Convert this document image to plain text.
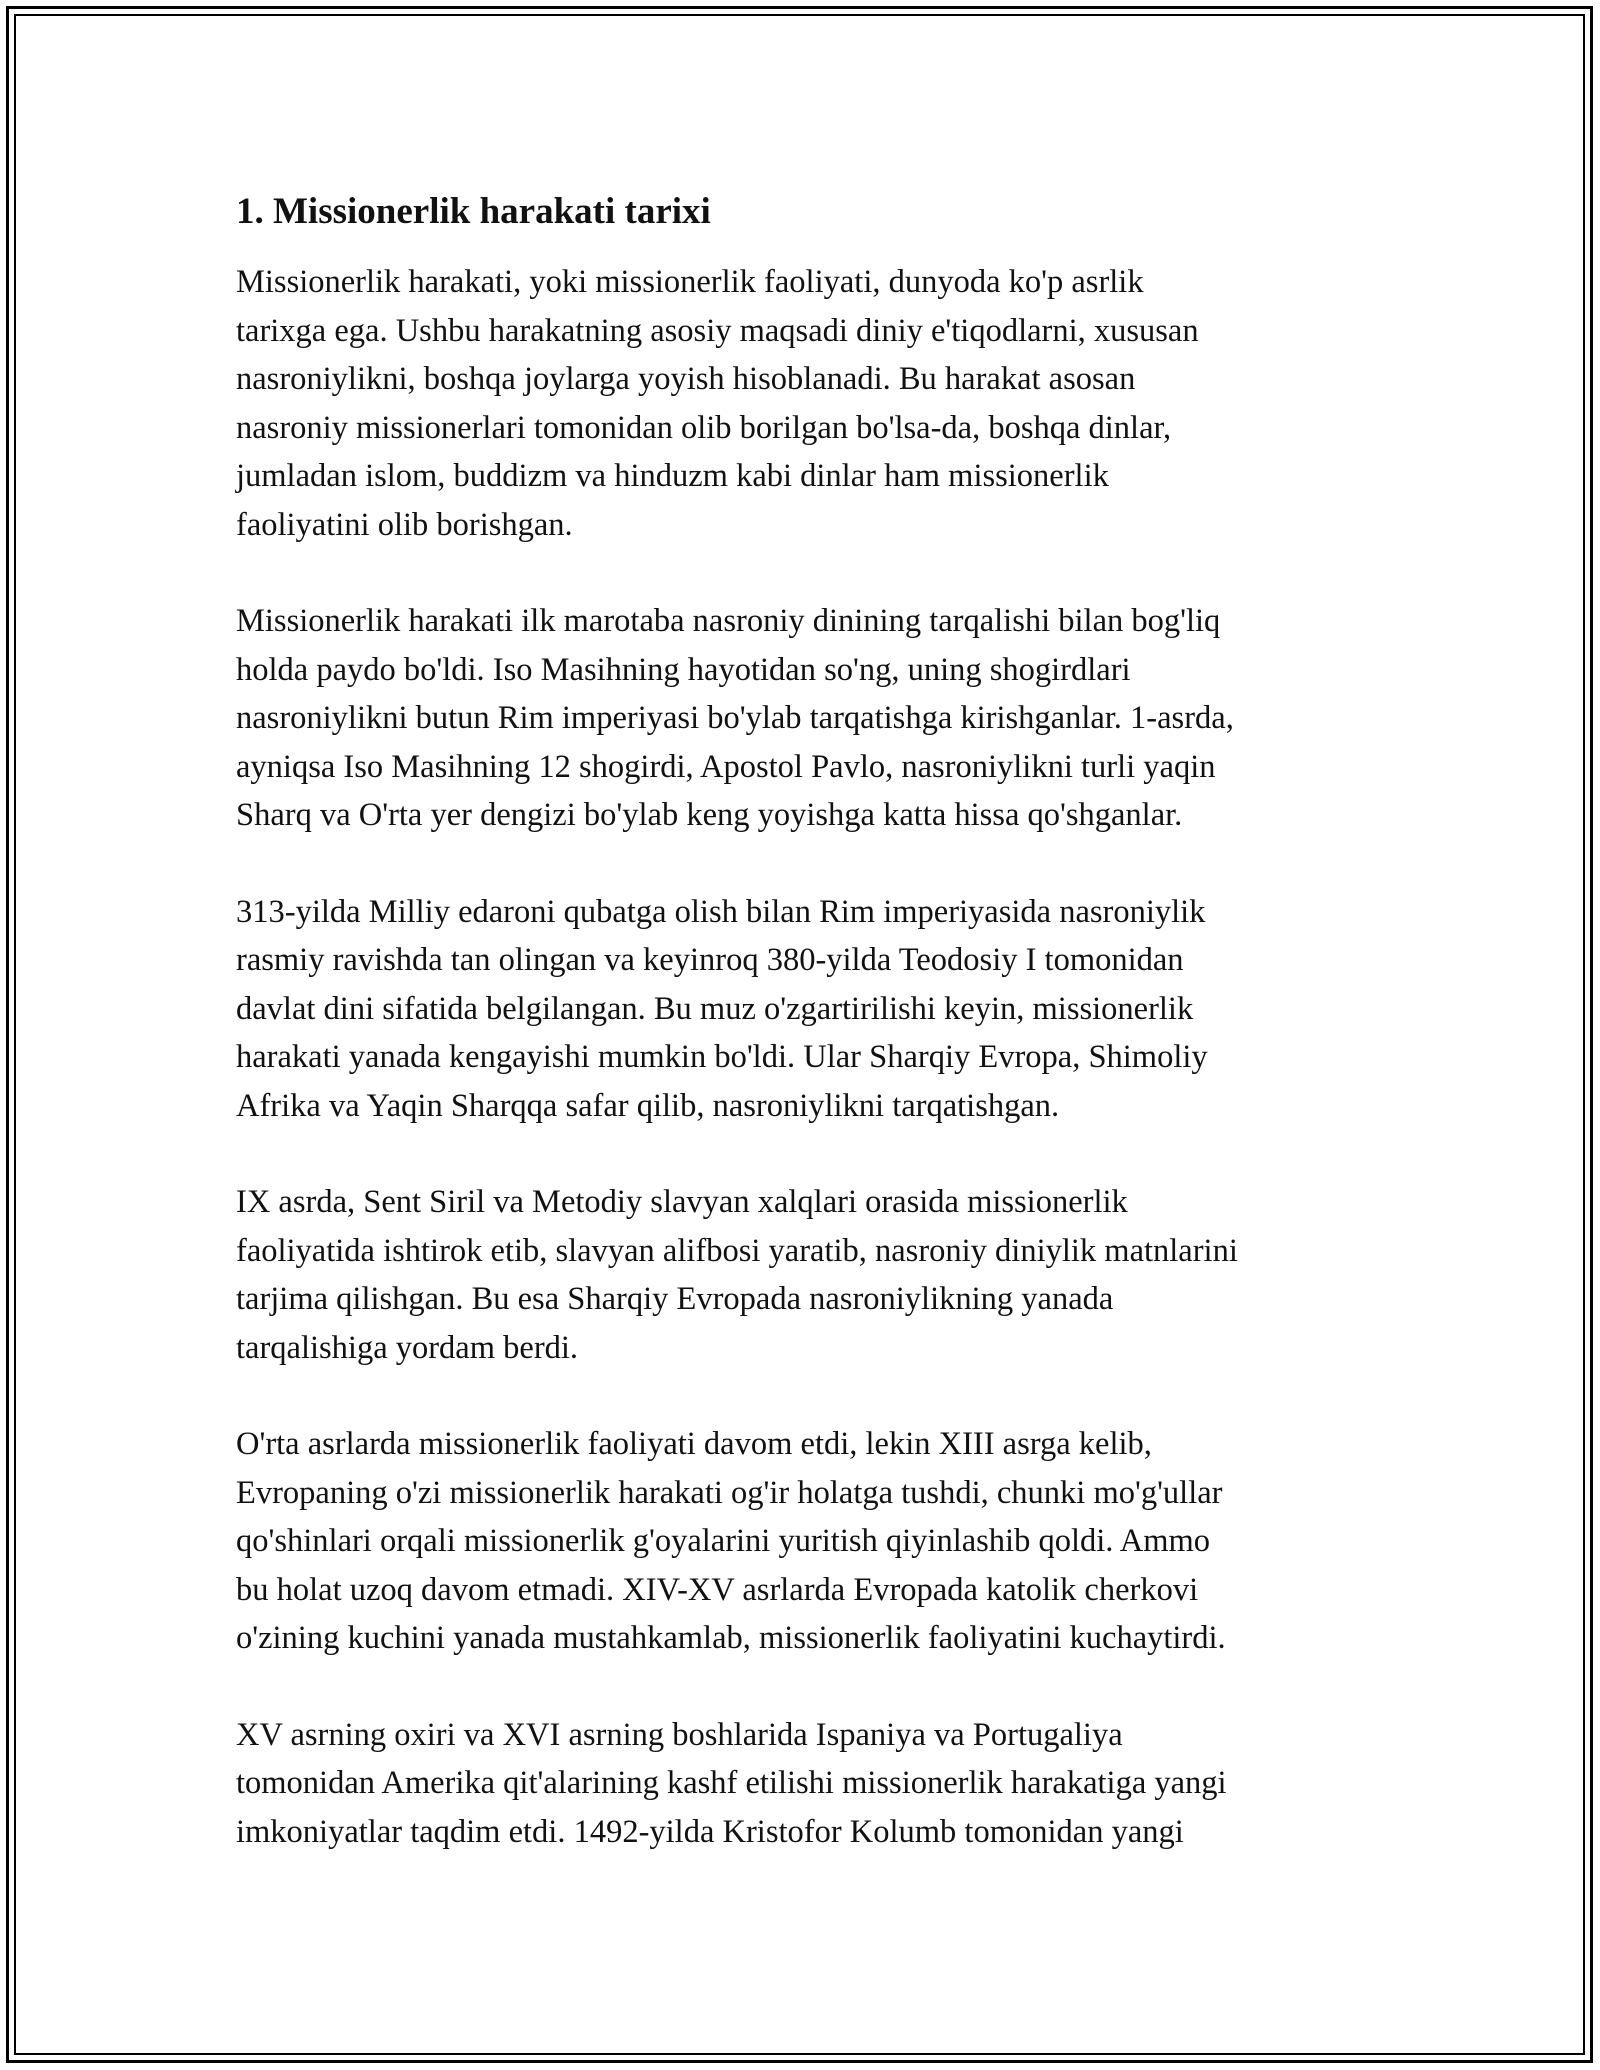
1. Missionerlik harakati tarixi

Missionerlik harakati, yoki missionerlik faoliyati, dunyoda ko'p asrlik
tarixga ega. Ushbu harakatning asosiy maqsadi diniy e'tiqodlarni, xususan
nasroniylikni, boshqa joylarga yoyish hisoblanadi. Bu harakat asosan
nasroniy missionerlari tomonidan olib borilgan bo'lsa-da, boshqa dinlar,
jumladan islom, buddizm va hinduzm kabi dinlar ham missionerlik
faoliyatini olib borishgan.

Missionerlik harakati ilk marotaba nasroniy dinining tarqalishi bilan bog'liq
holda paydo bo'ldi. Iso Masihning hayotidan so'ng, uning shogirdlari
nasroniylikni butun Rim imperiyasi bo'ylab tarqatishga kirishganlar. 1-asrda,
ayniqsa Iso Masihning 12 shogirdi, Apostol Pavlo, nasroniylikni turli yaqin
Sharq va O'rta yer dengizi bo'ylab keng yoyishga katta hissa qo'shganlar.

313-yilda Milliy edaroni qubatga olish bilan Rim imperiyasida nasroniylik
rasmiy ravishda tan olingan va keyinroq 380-yilda Teodosiy I tomonidan
davlat dini sifatida belgilangan. Bu muz o'zgartirilishi keyin, missionerlik
harakati yanada kengayishi mumkin bo'ldi. Ular Sharqiy Evropa, Shimoliy
Afrika va Yaqin Sharqqa safar qilib, nasroniylikni tarqatishgan.

IX asrda, Sent Siril va Metodiy slavyan xalqlari orasida missionerlik
faoliyatida ishtirok etib, slavyan alifbosi yaratib, nasroniy diniylik matnlarini
tarjima qilishgan. Bu esa Sharqiy Evropada nasroniylikning yanada
tarqalishiga yordam berdi.

O'rta asrlarda missionerlik faoliyati davom etdi, lekin XIII asrga kelib,
Evropaning o'zi missionerlik harakati og'ir holatga tushdi, chunki mo'g'ullar
qo'shinlari orqali missionerlik g'oyalarini yuritish qiyinlashib qoldi. Ammo
bu holat uzoq davom etmadi. XIV-XV asrlarda Evropada katolik cherkovi
o'zining kuchini yanada mustahkamlab, missionerlik faoliyatini kuchaytirdi.

XV asrning oxiri va XVI asrning boshlarida Ispaniya va Portugaliya
tomonidan Amerika qit'alarining kashf etilishi missionerlik harakatiga yangi
imkoniyatlar taqdim etdi. 1492-yilda Kristofor Kolumb tomonidan yangi
